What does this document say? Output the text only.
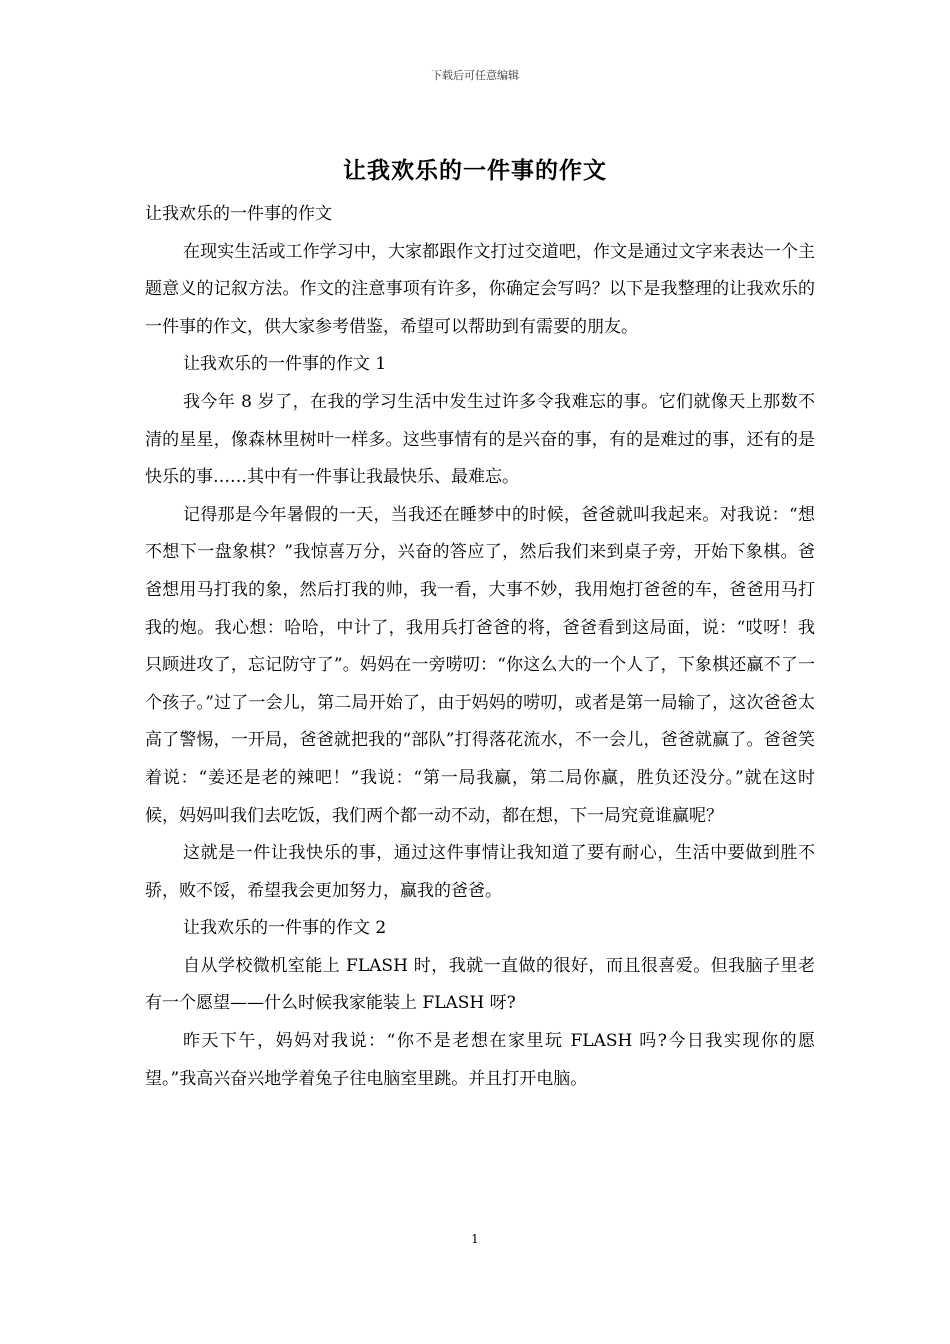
下载后可任意编辑
让我欢乐的一件事的作文

让我欢乐的一件事的作文

在现实生活或工作学习中，大家都跟作文打过交道吧，作文是通过文字来表达一个主题意义的记叙方法。作文的注意事项有许多，你确定会写吗？以下是我整理的让我欢乐的一件事的作文，供大家参考借鉴，希望可以帮助到有需要的朋友。

让我欢乐的一件事的作文 1

我今年 8 岁了，在我的学习生活中发生过许多令我难忘的事。它们就像天上那数不清的星星，像森林里树叶一样多。这些事情有的是兴奋的事，有的是难过的事，还有的是快乐的事……其中有一件事让我最快乐、最难忘。

记得那是今年暑假的一天，当我还在睡梦中的时候，爸爸就叫我起来。对我说：“想不想下一盘象棋？”我惊喜万分，兴奋的答应了，然后我们来到桌子旁，开始下象棋。爸爸想用马打我的象，然后打我的帅，我一看，大事不妙，我用炮打爸爸的车，爸爸用马打我的炮。我心想：哈哈，中计了，我用兵打爸爸的将，爸爸看到这局面，说：“哎呀！我只顾进攻了，忘记防守了”。妈妈在一旁唠叨：“你这么大的一个人了，下象棋还赢不了一个孩子。”过了一会儿，第二局开始了，由于妈妈的唠叨，或者是第一局输了，这次爸爸太高了警惕，一开局，爸爸就把我的“部队”打得落花流水，不一会儿，爸爸就赢了。爸爸笑着说：“姜还是老的辣吧！”我说：“第一局我赢，第二局你赢，胜负还没分。”就在这时候，妈妈叫我们去吃饭，我们两个都一动不动，都在想，下一局究竟谁赢呢？

这就是一件让我快乐的事，通过这件事情让我知道了要有耐心，生活中要做到胜不骄，败不馁，希望我会更加努力，赢我的爸爸。

让我欢乐的一件事的作文 2

自从学校微机室能上 FLASH 时，我就一直做的很好，而且很喜爱。但我脑子里老有一个愿望——什么时候我家能装上 FLASH 呀?

昨天下午，妈妈对我说：“你不是老想在家里玩 FLASH 吗?今日我实现你的愿望。”我高兴奋兴地学着兔子往电脑室里跳。并且打开电脑。

1
